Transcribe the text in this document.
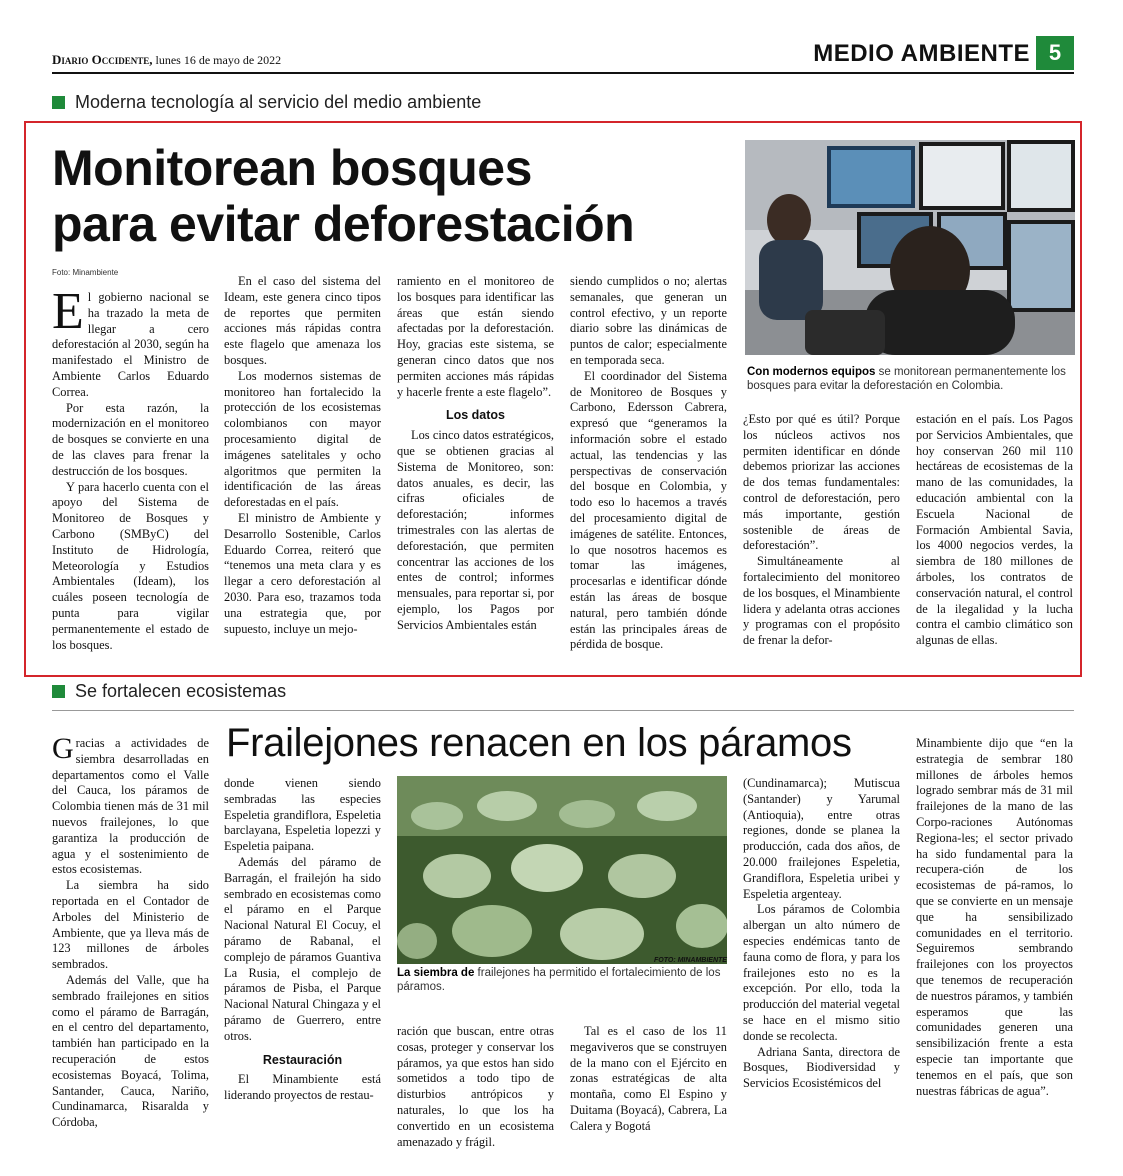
Diario Occidente, lunes 16 de mayo de 2022	MEDIO AMBIENTE 5
Moderna tecnología al servicio del medio ambiente
Monitorean bosques
para evitar deforestación
Foto: Minambiente
Con modernos equipos se monitorean permanentemente los bosques para evitar la deforestación en Colombia.

El gobierno nacional se ha trazado la meta de llegar a cero deforestación al 2030, según ha manifestado el Ministro de Ambiente Carlos Eduardo Correa.

Por esta razón, la modernización en el monitoreo de bosques se convierte en una de las claves para frenar la destrucción de los bosques.

Y para hacerlo cuenta con el apoyo del Sistema de Monitoreo de Bosques y Carbono (SMByC) del Instituto de Hidrología, Meteorología y Estudios Ambientales (Ideam), los cuáles poseen tecnología de punta para vigilar permanentemente el estado de los bosques.

En el caso del sistema del Ideam, este genera cinco tipos de reportes que permiten acciones más rápidas contra este flagelo que amenaza los bosques.

Los modernos sistemas de monitoreo han fortalecido la protección de los ecosistemas colombianos con mayor procesamiento digital de imágenes satelitales y ocho algoritmos que permiten la identificación de las áreas deforestadas en el país.

El ministro de Ambiente y Desarrollo Sostenible, Carlos Eduardo Correa, reiteró que “tenemos una meta clara y es llegar a cero deforestación al 2030. Para eso, trazamos toda una estrategia que, por supuesto, incluye un mejo-

ramiento en el monitoreo de los bosques para identificar las áreas que están siendo afectadas por la deforestación. Hoy, gracias este sistema, se generan cinco datos que nos permiten acciones más rápidas y hacerle frente a este flagelo”.

Los datos

Los cinco datos estratégicos, que se obtienen gracias al Sistema de Monitoreo, son: datos anuales, es decir, las cifras oficiales de deforestación; informes trimestrales con las alertas de deforestación, que permiten concentrar las acciones de los entes de control; informes mensuales, para reportar si, por ejemplo, los Pagos por Servicios Ambientales están

siendo cumplidos o no; alertas semanales, que generan un control efectivo, y un reporte diario sobre las dinámicas de puntos de calor; especialmente en temporada seca.

El coordinador del Sistema de Monitoreo de Bosques y Carbono, Edersson Cabrera, expresó que “generamos la información sobre el estado actual, las tendencias y las perspectivas de conservación del bosque en Colombia, y todo eso lo hacemos a través del procesamiento digital de imágenes de satélite. Entonces, lo que nosotros hacemos es tomar las imágenes, procesarlas e identificar dónde están las áreas de bosque natural, pero también dónde están las principales áreas de pérdida de bosque.

¿Esto por qué es útil? Porque los núcleos activos nos permiten identificar en dónde debemos priorizar las acciones de dos temas fundamentales: control de deforestación, pero más importante, gestión sostenible de áreas de deforestación”.

Simultáneamente al fortalecimiento del monitoreo de los bosques, el Minambiente lidera y adelanta otras acciones y programas con el propósito de frenar la defor-

estación en el país. Los Pagos por Servicios Ambientales, que hoy conservan 260 mil 110 hectáreas de ecosistemas de la mano de las comunidades, la educación ambiental con la Escuela Nacional de Formación Ambiental Savia, los 4000 negocios verdes, la siembra de 180 millones de árboles, los contratos de conservación natural, el control de la ilegalidad y la lucha contra el cambio climático son algunas de ellas.

Se fortalecen ecosistemas
Frailejones renacen en los páramos
FOTO: MINAMBIENTE
La siembra de frailejones ha permitido el fortalecimiento de los páramos.

Gracias a actividades de siembra desarrolladas en departamentos como el Valle del Cauca, los páramos de Colombia tienen más de 31 mil nuevos frailejones, lo que garantiza la producción de agua y el sostenimiento de estos ecosistemas.

La siembra ha sido reportada en el Contador de Arboles del Ministerio de Ambiente, que ya lleva más de 123 millones de árboles sembrados.

Además del Valle, que ha sembrado frailejones en sitios como el páramo de Barragán, en el centro del departamento, también han participado en la recuperación de estos ecosistemas Boyacá, Tolima, Santander, Cauca, Nariño, Cundinamarca, Risaralda y Córdoba,

donde vienen siendo sembradas las especies Espeletia grandiflora, Espeletia barclayana, Espeletia lopezzi y Espeletia paipana.

Además del páramo de Barragán, el frailejón ha sido sembrado en ecosistemas como el páramo en el Parque Nacional Natural El Cocuy, el páramo de Rabanal, el complejo de páramos Guantiva La Rusia, el complejo de páramos de Pisba, el Parque Nacional Natural Chingaza y el páramo de Guerrero, entre otros.

Restauración

El Minambiente está liderando proyectos de restau-

ración que buscan, entre otras cosas, proteger y conservar los páramos, ya que estos han sido sometidos a todo tipo de disturbios antrópicos y naturales, lo que los ha convertido en un ecosistema amenazado y frágil.

Tal es el caso de los 11 megaviveros que se construyen de la mano con el Ejército en zonas estratégicas de alta montaña, como El Espino y Duitama (Boyacá), Cabrera, La Calera y Bogotá

(Cundinamarca); Mutiscua (Santander) y Yarumal (Antioquia), entre otras regiones, donde se planea la producción, cada dos años, de 20.000 frailejones Espeletia, Grandiflora, Espeletia uribei y Espeletia argenteay.

Los páramos de Colombia albergan un alto número de especies endémicas tanto de fauna como de flora, y para los frailejones esto no es la excepción. Por ello, toda la producción del material vegetal se hace en el mismo sitio donde se recolecta.

Adriana Santa, directora de Bosques, Biodiversidad y Servicios Ecosistémicos del

Minambiente dijo que “en la estrategia de sembrar 180 millones de árboles hemos logrado sembrar más de 31 mil frailejones de la mano de las Corpo-raciones Autónomas Regiona-les; el sector privado ha sido fundamental para la recupera-ción de los ecosistemas de pá-ramos, lo que se convierte en un mensaje que ha sensibilizado comunidades en el territorio. Seguiremos sembrando frailejones con los proyectos que tenemos de recuperación de nuestros páramos, y también esperamos que las comunidades generen una sensibilización frente a esta especie tan importante que tenemos en el país, que son nuestras fábricas de agua”.
